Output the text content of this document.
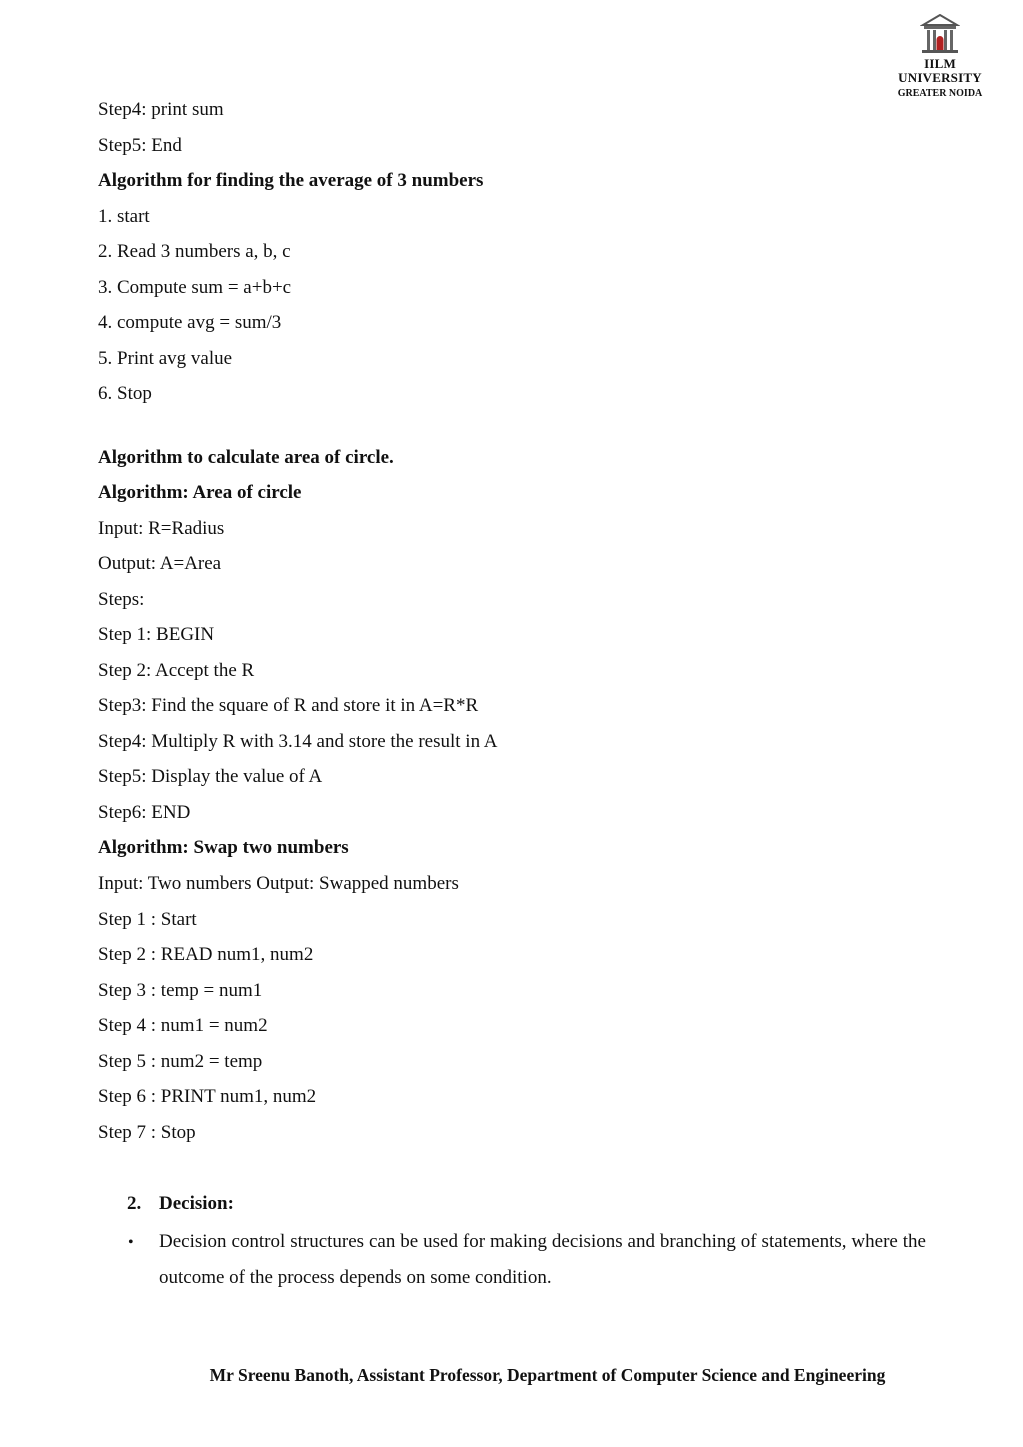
IILM UNIVERSITY
GREATER NOIDA
Step4: print sum
Step5: End
Algorithm for finding the average of 3 numbers
1. start
2. Read 3 numbers a, b, c
3. Compute sum = a+b+c
4. compute avg = sum/3
5. Print avg value
6. Stop
Algorithm to calculate area of circle.
Algorithm: Area of circle
Input: R=Radius
Output: A=Area
Steps:
Step 1: BEGIN
Step 2: Accept the R
Step3: Find the square of R and store it in A=R*R
Step4: Multiply R with 3.14 and store the result in A
Step5: Display the value of A
Step6: END
Algorithm: Swap two numbers
Input: Two numbers Output: Swapped numbers
Step 1 : Start
Step 2 : READ num1, num2
Step 3 : temp = num1
Step 4 : num1 = num2
Step 5 : num2 = temp
Step 6 : PRINT num1, num2
Step 7 : Stop
2. Decision:
• Decision control structures can be used for making decisions and branching of statements, where the outcome of the process depends on some condition.
Mr Sreenu Banoth, Assistant Professor, Department of Computer Science and Engineering
